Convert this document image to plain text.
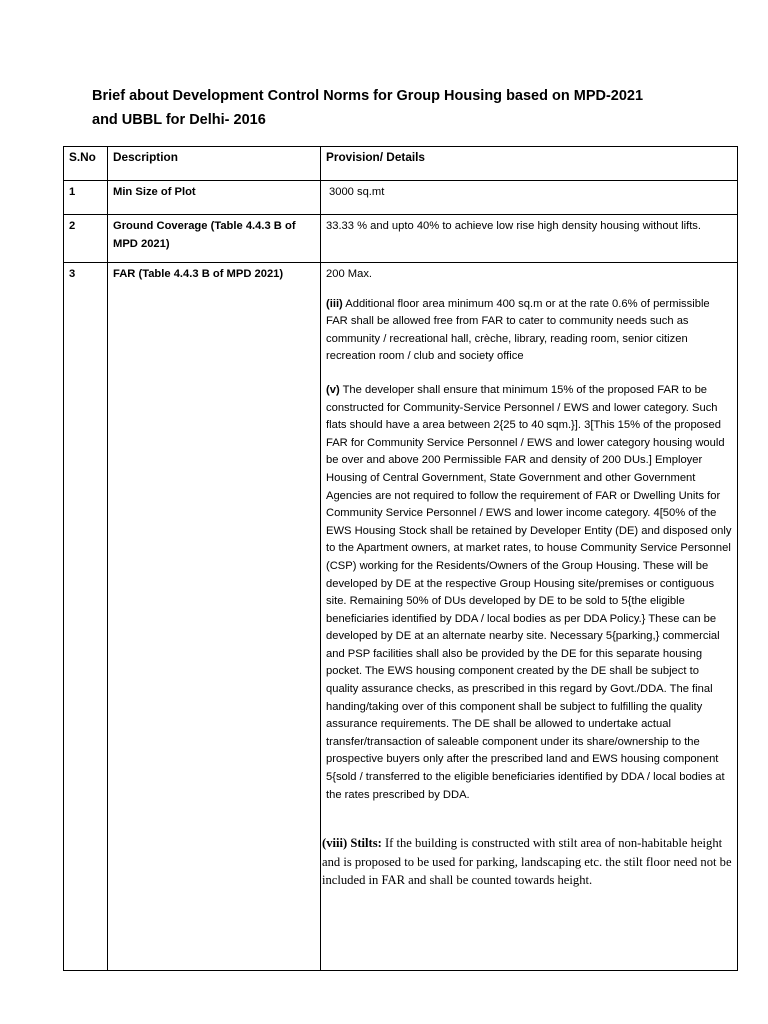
Brief about Development Control Norms for Group Housing based on MPD-2021
and UBBL for Delhi- 2016
S.No	Description	Provision/ Details
1	Min Size of Plot	3000 sq.mt

2	Ground Coverage (Table 4.4.3 B of MPD 2021)	33.33 % and upto 40% to achieve low rise high density housing without lifts.

3	FAR (Table 4.4.3 B of MPD 2021)	200 Max.

(iii) Additional floor area minimum 400 sq.m or at the rate 0.6% of permissible FAR shall be allowed free from FAR to cater to community needs such as community / recreational hall, crèche, library, reading room, senior citizen recreation room / club and society office

(v) The developer shall ensure that minimum 15% of the proposed FAR to be constructed for Community-Service Personnel / EWS and lower category. Such flats should have a area between 2{25 to 40 sqm.}]. 3[This 15% of the proposed FAR for Community Service Personnel / EWS and lower category housing would be over and above 200 Permissible FAR and density of 200 DUs.] Employer Housing of Central Government, State Government and other Government Agencies are not required to follow the requirement of FAR or Dwelling Units for Community Service Personnel / EWS and lower income category. 4[50% of the EWS Housing Stock shall be retained by Developer Entity (DE) and disposed only to the Apartment owners, at market rates, to house Community Service Personnel (CSP) working for the Residents/Owners of the Group Housing. These will be developed by DE at the respective Group Housing site/premises or contiguous site. Remaining 50% of DUs developed by DE to be sold to 5{the eligible beneficiaries identified by DDA / local bodies as per DDA Policy.} These can be developed by DE at an alternate nearby site. Necessary 5{parking,} commercial and PSP facilities shall also be provided by the DE for this separate housing pocket. The EWS housing component created by the DE shall be subject to quality assurance checks, as prescribed in this regard by Govt./DDA. The final handing/taking over of this component shall be subject to fulfilling the quality assurance requirements. The DE shall be allowed to undertake actual transfer/transaction of saleable component under its share/ownership to the prospective buyers only after the prescribed land and EWS housing component 5{sold / transferred to the eligible beneficiaries identified by DDA / local bodies at the rates prescribed by DDA.

(viii) Stilts: If the building is constructed with stilt area of non-habitable height and is proposed to be used for parking, landscaping etc. the stilt floor need not be included in FAR and shall be counted towards height.
